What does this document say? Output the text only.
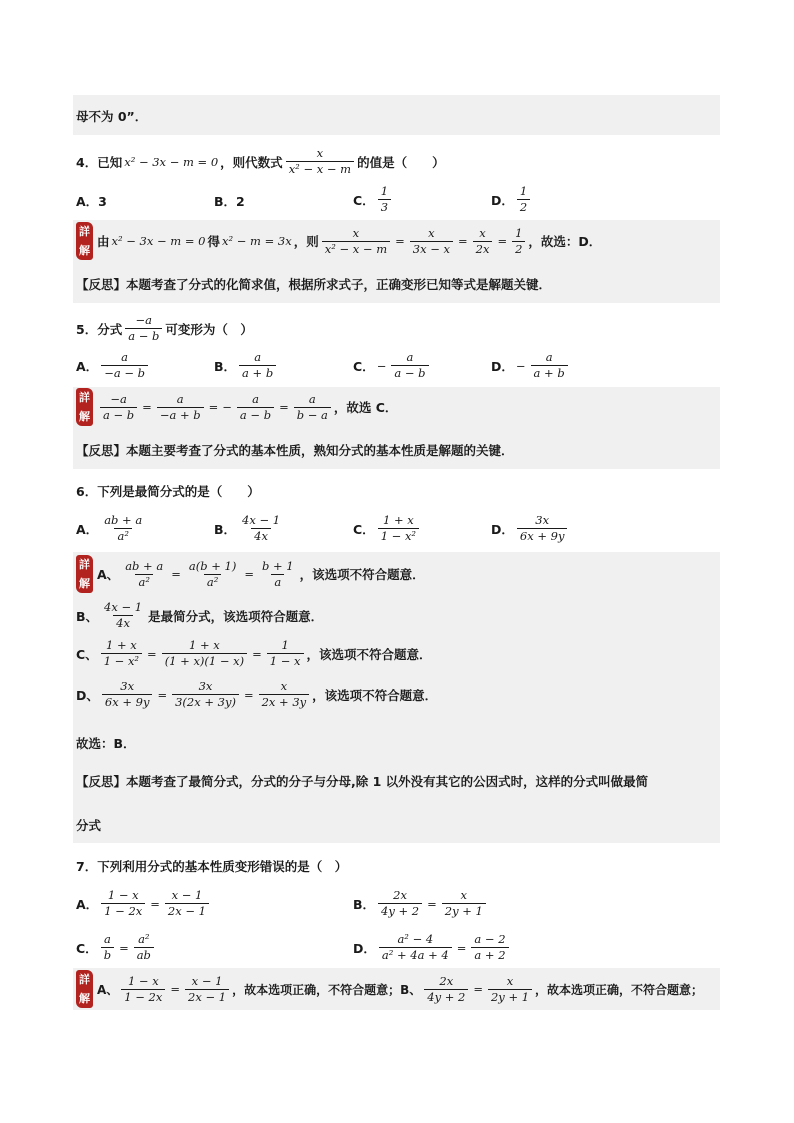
母不为 0”．
4．已知 x² − 3x − m = 0 ，则代数式 $\frac{x}{\text{x² − x − m}}$ 的值是（　　）
A．3	B．2	C． $\frac{1}{3}$	D． $\frac{1}{2}$
詳
解
由 x² − 3x − m = 0 得 x² − m = 3x ，则 $\frac{x}{\text{x² − x − m}} = \frac{x}{3x - x} = \frac{x}{2x} = \frac{1}{2}$ ，故选：D．
【反思】本题考查了分式的化简求值，根据所求式子，正确变形已知等式是解题关键．
5．分式 $\frac{-a}{a - b}$ 可变形为（　）
A． $\frac{a}{-a - b}$	B． $\frac{a}{a + b}$	C． − $\frac{a}{a - b}$	D． − $\frac{a}{a + b}$
詳
解 $\frac{-a}{a - b} = \frac{a}{-a + b}$ = − $\frac{a}{a - b} = \frac{a}{b - a}$ ，故选 C．
【反思】本题主要考查了分式的基本性质，熟知分式的基本性质是解题的关键．
6．下列是最简分式的是（　　）
A． $\frac{ab + a}{\text{a²}}$	B． $\frac{4x - 1}{4x}$	C． $\frac{1 + x}{\text{1 − x²}}$	D． $\frac{3x}{6x + 9y}$
詳
解
A、 $\frac{ab + a}{\text{a²}} = \frac{a(b + 1)}{\text{a²}} = \frac{b + 1}{a}$ ，该选项不符合题意．
B、 $\frac{4x - 1}{4x}$ 是最简分式，该选项符合题意．
C、 $\frac{1 + x}{\text{1 − x²}} = \frac{1 + x}{(1 + x)(1 - x)} = \frac{1}{1 - x}$ ，该选项不符合题意．
D、 $\frac{3x}{6x + 9y} = \frac{3x}{3(2x + 3y)} = \frac{x}{2x + 3y}$ ，该选项不符合题意．
故选：B．
【反思】本题考查了最简分式，分式的分子与分母,除 1 以外没有其它的公因式时，这样的分式叫做最简
分式
7．下列利用分式的基本性质变形错误的是（　）
A． $\frac{1 - x}{1 - 2x} = \frac{x - 1}{2x - 1}$	B． $\frac{2x}{4y + 2} = \frac{x}{2y + 1}$
C． $\frac{a}{b} = \frac{\text{a²}}{ab}$	D． $\frac{\text{a² − 4}}{\text{a² + 4a + 4}} = \frac{a - 2}{a + 2}$
詳
解
A、 $\frac{1 - x}{1 - 2x} = \frac{x - 1}{2x - 1}$ ，故本选项正确，不符合题意；B、 $\frac{2x}{4y + 2} = \frac{x}{2y + 1}$ ，故本选项正确，不符合题意；
